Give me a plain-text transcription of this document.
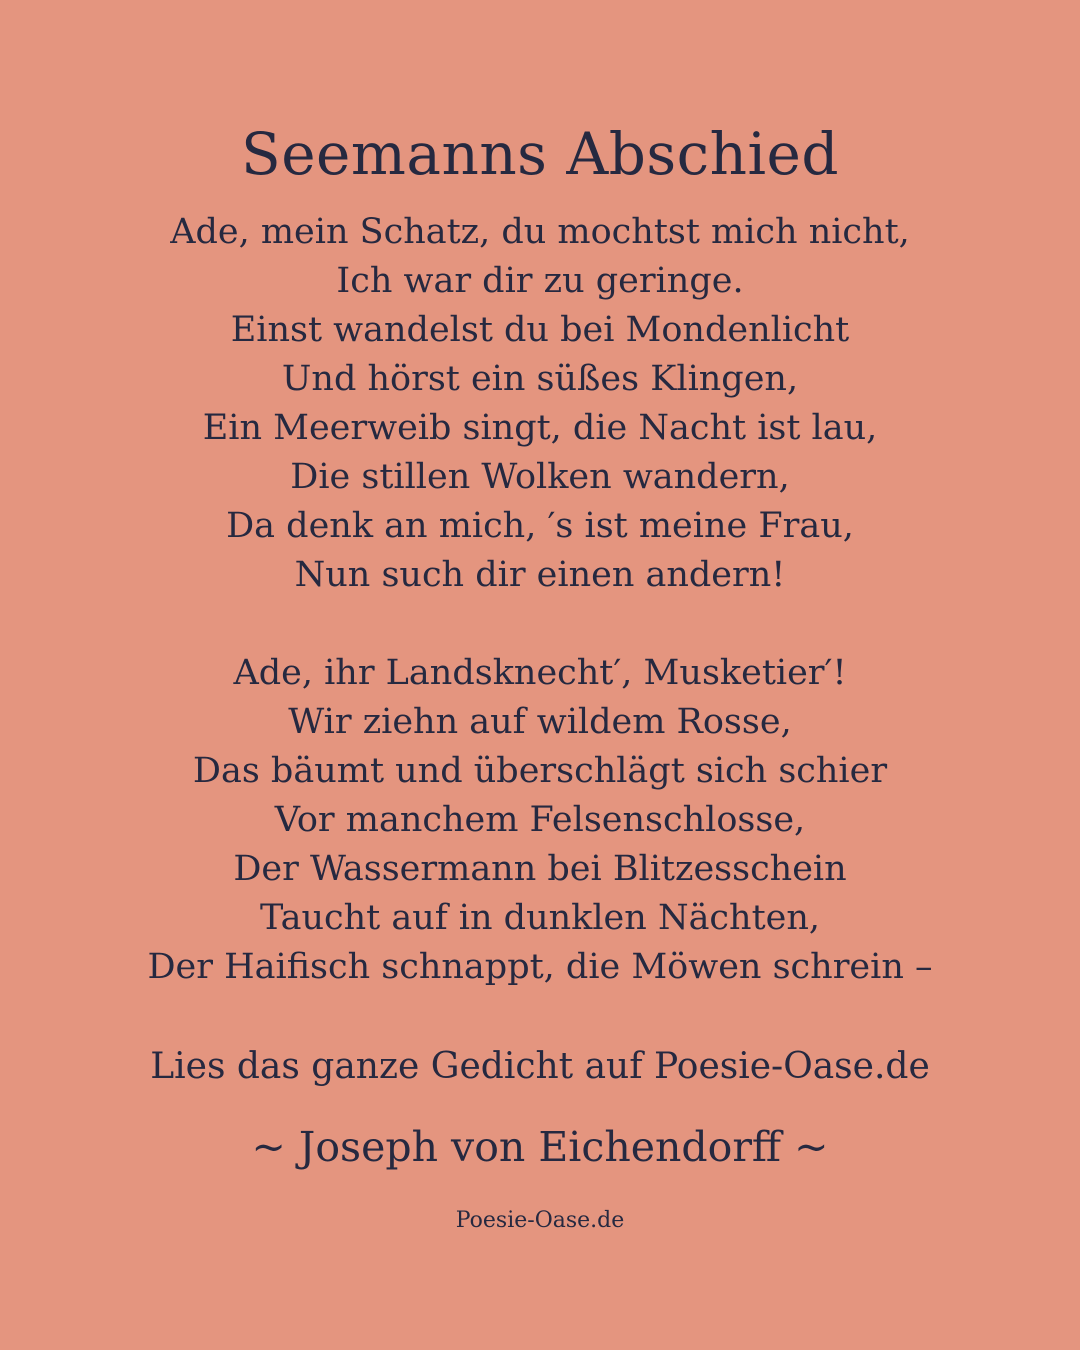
Seemanns Abschied
Ade, mein Schatz, du mochtst mich nicht,
Ich war dir zu geringe.
Einst wandelst du bei Mondenlicht
Und hörst ein süßes Klingen,
Ein Meerweib singt, die Nacht ist lau,
Die stillen Wolken wandern,
Da denk an mich, ′s ist meine Frau,
Nun such dir einen andern!
Ade, ihr Landsknecht′, Musketier′!
Wir ziehn auf wildem Rosse,
Das bäumt und überschlägt sich schier
Vor manchem Felsenschlosse,
Der Wassermann bei Blitzesschein
Taucht auf in dunklen Nächten,
Der Haifisch schnappt, die Möwen schrein –
Lies das ganze Gedicht auf Poesie-Oase.de
~ Joseph von Eichendorff ~
Poesie-Oase.de
